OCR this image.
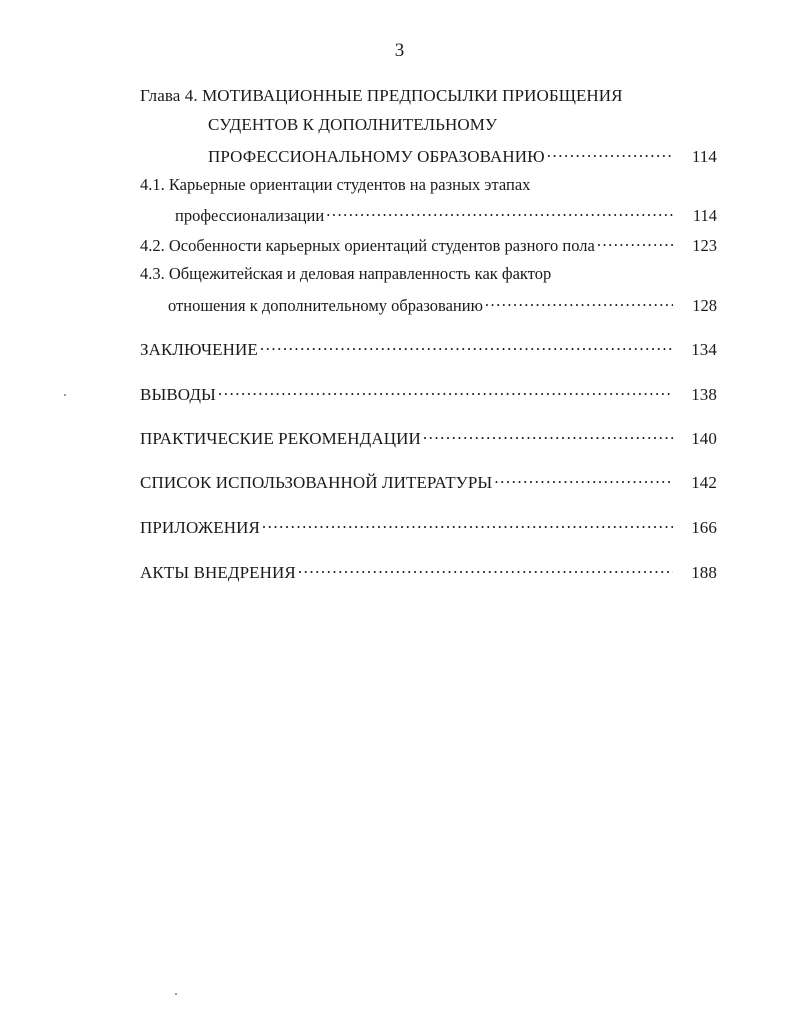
3
Глава 4. МОТИВАЦИОННЫЕ ПРЕДПОСЫЛКИ ПРИОБЩЕНИЯ
СУДЕНТОВ К ДОПОЛНИТЕЛЬНОМУ
ПРОФЕССИОНАЛЬНОМУ ОБРАЗОВАНИЮ .....	114
4.1. Карьерные ориентации студентов на разных этапах
профессионализации .....	114
4.2. Особенности карьерных ориентаций студентов разного пола .....	123
4.3. Общежитейская и деловая направленность как фактор
отношения к дополнительному образованию .....	128
ЗАКЛЮЧЕНИЕ .....	134
ВЫВОДЫ .....	138
ПРАКТИЧЕСКИЕ РЕКОМЕНДАЦИИ .....	140
СПИСОК ИСПОЛЬЗОВАННОЙ ЛИТЕРАТУРЫ .....	142
ПРИЛОЖЕНИЯ .....	166
АКТЫ ВНЕДРЕНИЯ .....	188
